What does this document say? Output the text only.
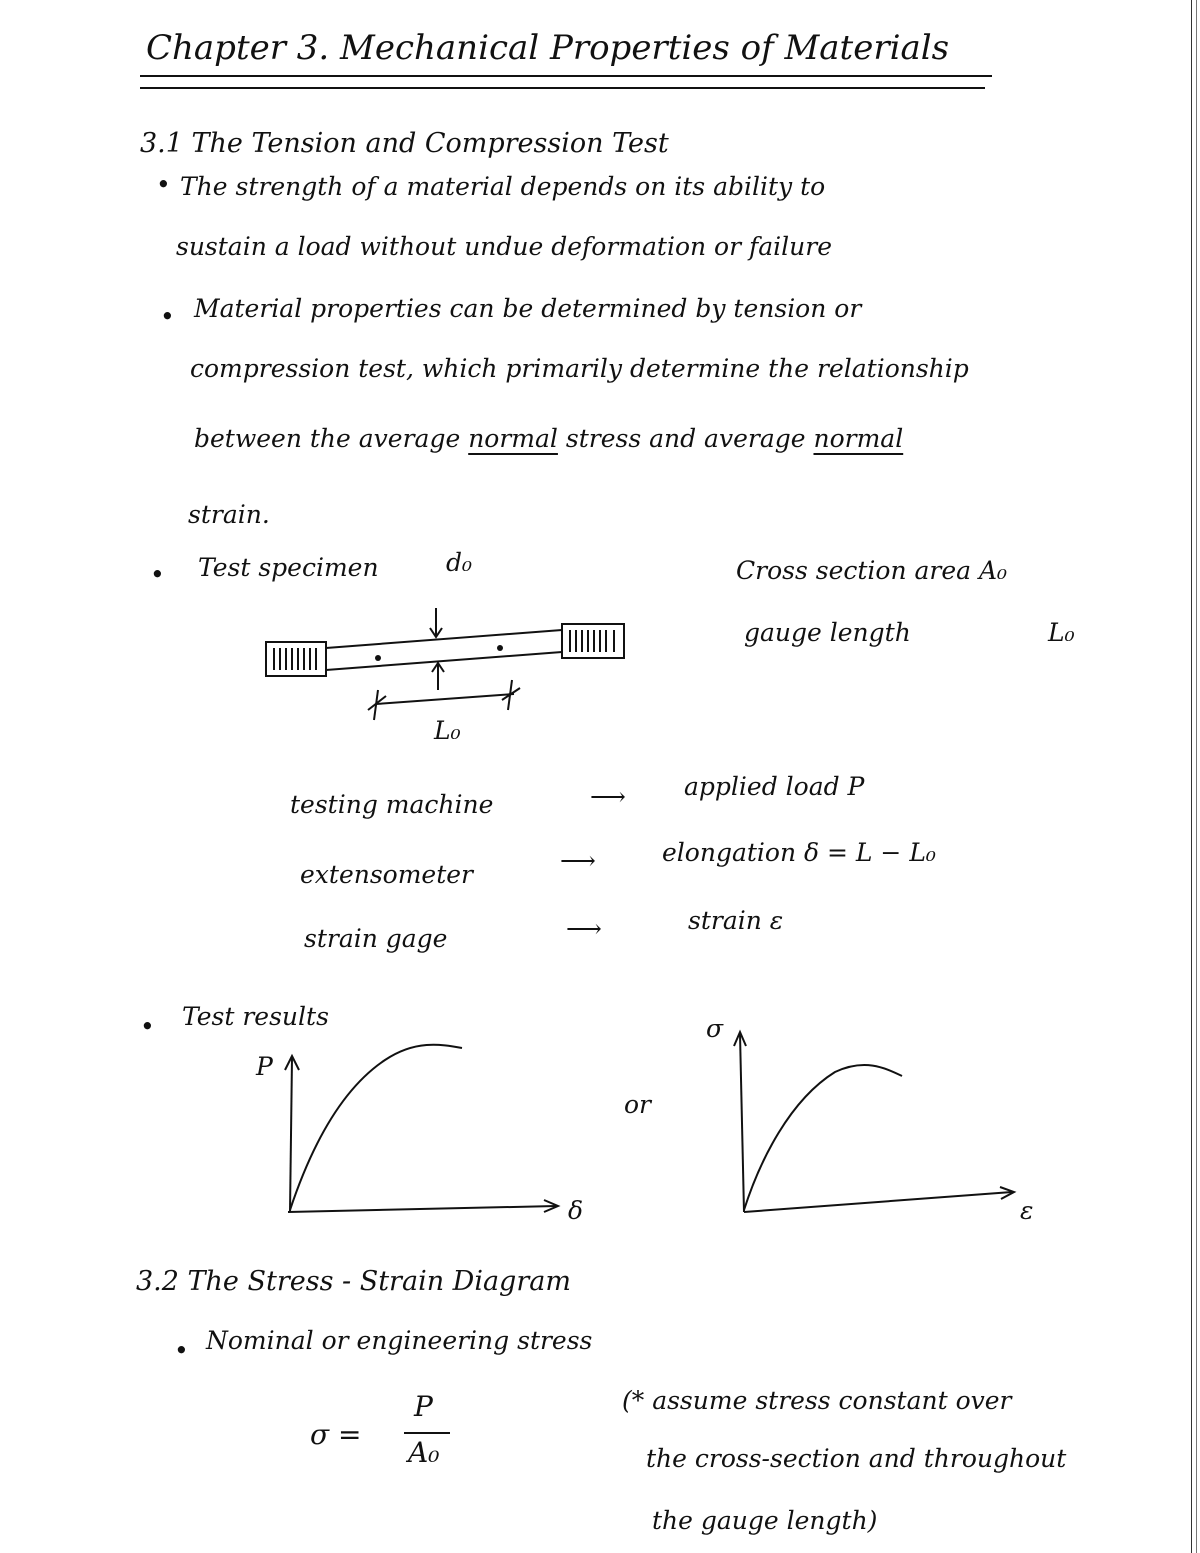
Chapter 3. Mechanical Properties of Materials
3.1 The Tension and Compression Test
• The strength of a material depends on its ability to
sustain a load without undue deformation or failure
• Material properties can be determined by tension or
compression test, which primarily determine the relationship
between the average normal stress and average normal
strain.
• Test specimen	d₀	Cross section area A₀
gauge length	L₀
L₀
testing machine	⟶ applied load P
extensometer	⟶	elongation δ = L − L₀
strain gage	⟶	strain ε
• Test results
P
δ
or
σ
ε
3.2 The Stress - Strain Diagram
• Nominal or engineering stress
σ =
P
A₀
(* assume stress constant over
the cross-section and throughout
the gauge length)
